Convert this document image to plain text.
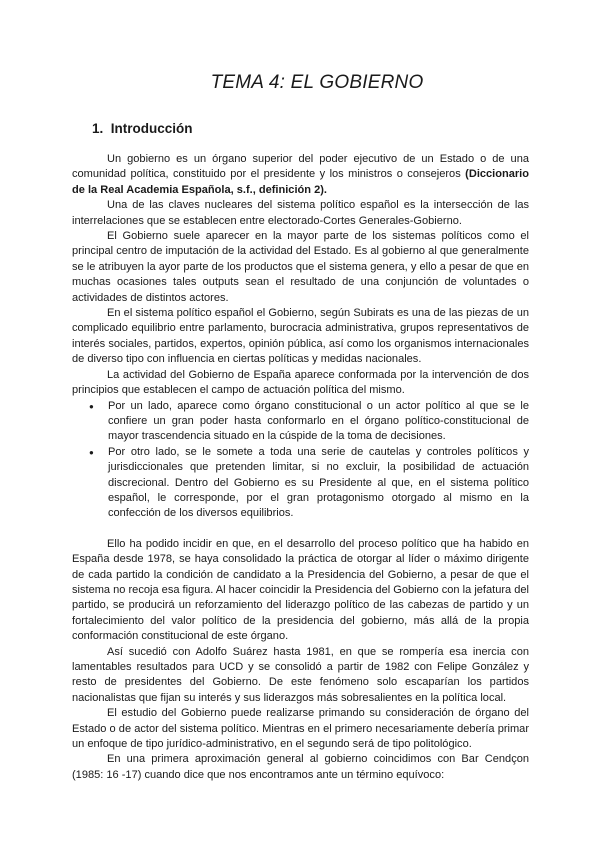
TEMA 4: EL GOBIERNO
1. Introducción

Un gobierno es un órgano superior del poder ejecutivo de un Estado o de una comunidad política, constituido por el presidente y los ministros o consejeros (Diccionario de la Real Academia Española, s.f., definición 2).

Una de las claves nucleares del sistema político español es la intersección de las interrelaciones que se establecen entre electorado-Cortes Generales-Gobierno.

El Gobierno suele aparecer en la mayor parte de los sistemas políticos como el principal centro de imputación de la actividad del Estado. Es al gobierno al que generalmente se le atribuyen la ayor parte de los productos que el sistema genera, y ello a pesar de que en muchas ocasiones tales outputs sean el resultado de una conjunción de voluntades o actividades de distintos actores.

En el sistema político español el Gobierno, según Subirats es una de las piezas de un complicado equilibrio entre parlamento, burocracia administrativa, grupos representativos de interés sociales, partidos, expertos, opinión pública, así como los organismos internacionales de diverso tipo con influencia en ciertas políticas y medidas nacionales.

La actividad del Gobierno de España aparece conformada por la intervención de dos principios que establecen el campo de actuación política del mismo.

● Por un lado, aparece como órgano constitucional o un actor político al que se le confiere un gran poder hasta conformarlo en el órgano político-constitucional de mayor trascendencia situado en la cúspide de la toma de decisiones.
● Por otro lado, se le somete a toda una serie de cautelas y controles políticos y jurisdiccionales que pretenden limitar, si no excluir, la posibilidad de actuación discrecional. Dentro del Gobierno es su Presidente al que, en el sistema político español, le corresponde, por el gran protagonismo otorgado al mismo en la confección de los diversos equilibrios.

Ello ha podido incidir en que, en el desarrollo del proceso político que ha habido en España desde 1978, se haya consolidado la práctica de otorgar al líder o máximo dirigente de cada partido la condición de candidato a la Presidencia del Gobierno, a pesar de que el sistema no recoja esa figura. Al hacer coincidir la Presidencia del Gobierno con la jefatura del partido, se producirá un reforzamiento del liderazgo político de las cabezas de partido y un fortalecimiento del valor político de la presidencia del gobierno, más allá de la propia conformación constitucional de este órgano.

Así sucedió con Adolfo Suárez hasta 1981, en que se rompería esa inercia con lamentables resultados para UCD y se consolidó a partir de 1982 con Felipe González y resto de presidentes del Gobierno. De este fenómeno solo escaparían los partidos nacionalistas que fijan su interés y sus liderazgos más sobresalientes en la política local.

El estudio del Gobierno puede realizarse primando su consideración de órgano del Estado o de actor del sistema político. Mientras en el primero necesariamente debería primar un enfoque de tipo jurídico-administrativo, en el segundo será de tipo politológico.

En una primera aproximación general al gobierno coincidimos con Bar Cendçon (1985: 16 -17) cuando dice que nos encontramos ante un término equívoco:
